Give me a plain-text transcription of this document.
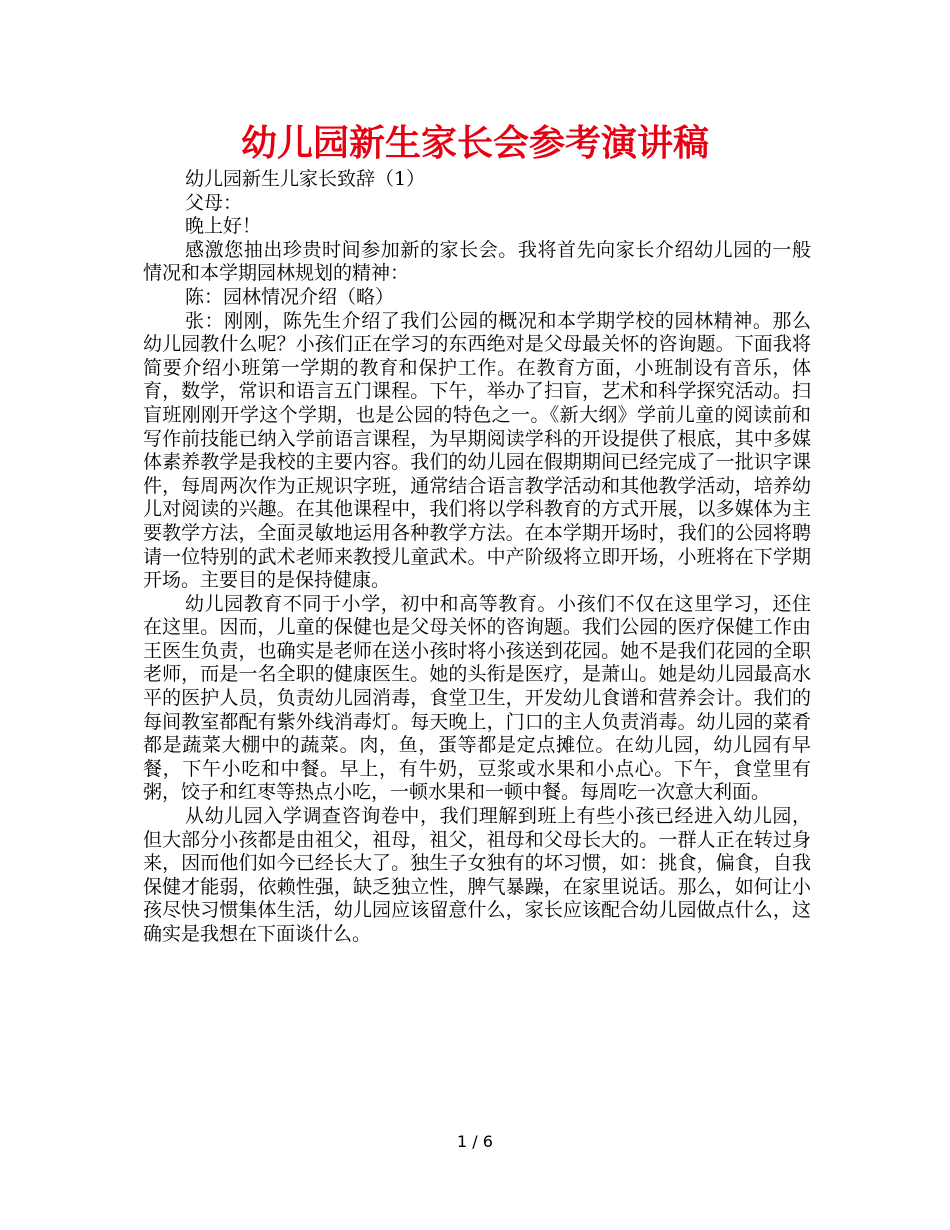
幼儿园新生家长会参考演讲稿

幼儿园新生儿家长致辞（1）

父母：

晚上好！

感激您抽出珍贵时间参加新的家长会。我将首先向家长介绍幼儿园的一般情况和本学期园林规划的精神：

陈：园林情况介绍（略）

张：刚刚，陈先生介绍了我们公园的概况和本学期学校的园林精神。那么幼儿园教什么呢？小孩们正在学习的东西绝对是父母最关怀的咨询题。下面我将简要介绍小班第一学期的教育和保护工作。在教育方面，小班制设有音乐，体育，数学，常识和语言五门课程。下午，举办了扫盲，艺术和科学探究活动。扫盲班刚刚开学这个学期，也是公园的特色之一。《新大纲》学前儿童的阅读前和写作前技能已纳入学前语言课程，为早期阅读学科的开设提供了根底，其中多媒体素养教学是我校的主要内容。我们的幼儿园在假期期间已经完成了一批识字课件，每周两次作为正规识字班，通常结合语言教学活动和其他教学活动，培养幼儿对阅读的兴趣。在其他课程中，我们将以学科教育的方式开展，以多媒体为主要教学方法，全面灵敏地运用各种教学方法。在本学期开场时，我们的公园将聘请一位特别的武术老师来教授儿童武术。中产阶级将立即开场，小班将在下学期开场。主要目的是保持健康。

幼儿园教育不同于小学，初中和高等教育。小孩们不仅在这里学习，还住在这里。因而，儿童的保健也是父母关怀的咨询题。我们公园的医疗保健工作由王医生负责，也确实是老师在送小孩时将小孩送到花园。她不是我们花园的全职老师，而是一名全职的健康医生。她的头衔是医疗，是萧山。她是幼儿园最高水平的医护人员，负责幼儿园消毒，食堂卫生，开发幼儿食谱和营养会计。我们的每间教室都配有紫外线消毒灯。每天晚上，门口的主人负责消毒。幼儿园的菜肴都是蔬菜大棚中的蔬菜。肉，鱼，蛋等都是定点摊位。在幼儿园，幼儿园有早餐，下午小吃和中餐。早上，有牛奶，豆浆或水果和小点心。下午，食堂里有粥，饺子和红枣等热点小吃，一顿水果和一顿中餐。每周吃一次意大利面。

从幼儿园入学调查咨询卷中，我们理解到班上有些小孩已经进入幼儿园，但大部分小孩都是由祖父，祖母，祖父，祖母和父母长大的。一群人正在转过身来，因而他们如今已经长大了。独生子女独有的坏习惯，如：挑食，偏食，自我保健才能弱，依赖性强，缺乏独立性，脾气暴躁，在家里说话。那么，如何让小孩尽快习惯集体生活，幼儿园应该留意什么，家长应该配合幼儿园做点什么，这确实是我想在下面谈什么。

1 / 6
